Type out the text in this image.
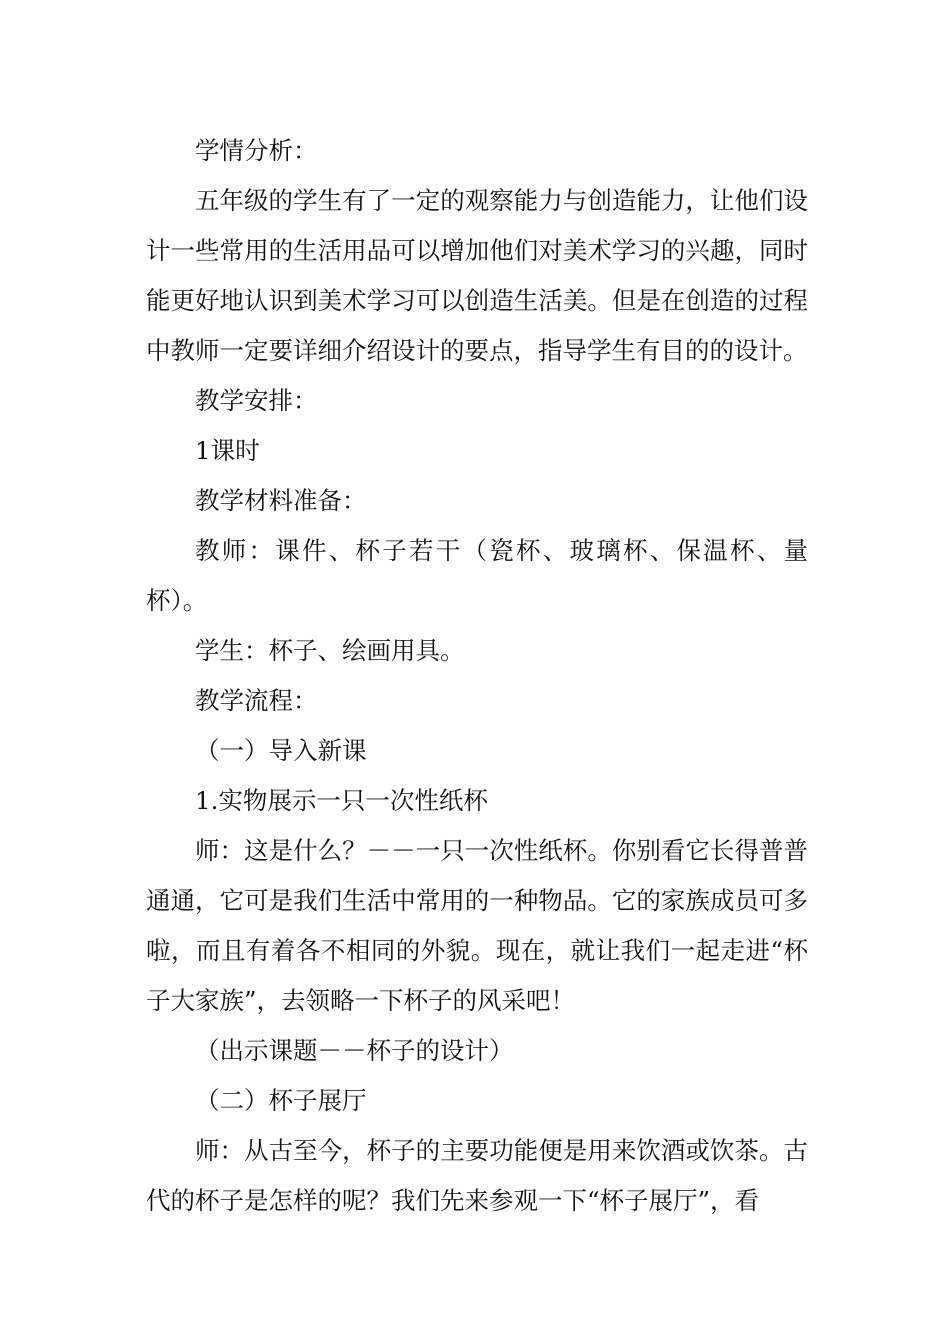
学情分析：

五年级的学生有了一定的观察能力与创造能力，让他们设计一些常用的生活用品可以增加他们对美术学习的兴趣，同时能更好地认识到美术学习可以创造生活美。但是在创造的过程中教师一定要详细介绍设计的要点，指导学生有目的的设计。

教学安排：

1课时

教学材料准备：

教师：课件、杯子若干（瓷杯、玻璃杯、保温杯、量杯）。

学生：杯子、绘画用具。

教学流程：

（一）导入新课

1.实物展示一只一次性纸杯

师：这是什么？－－一只一次性纸杯。你别看它长得普普通通，它可是我们生活中常用的一种物品。它的家族成员可多啦，而且有着各不相同的外貌。现在，就让我们一起走进“杯子大家族”，去领略一下杯子的风采吧！

（出示课题－－杯子的设计）

（二）杯子展厅

师：从古至今，杯子的主要功能便是用来饮酒或饮茶。古代的杯子是怎样的呢？我们先来参观一下“杯子展厅”，看
